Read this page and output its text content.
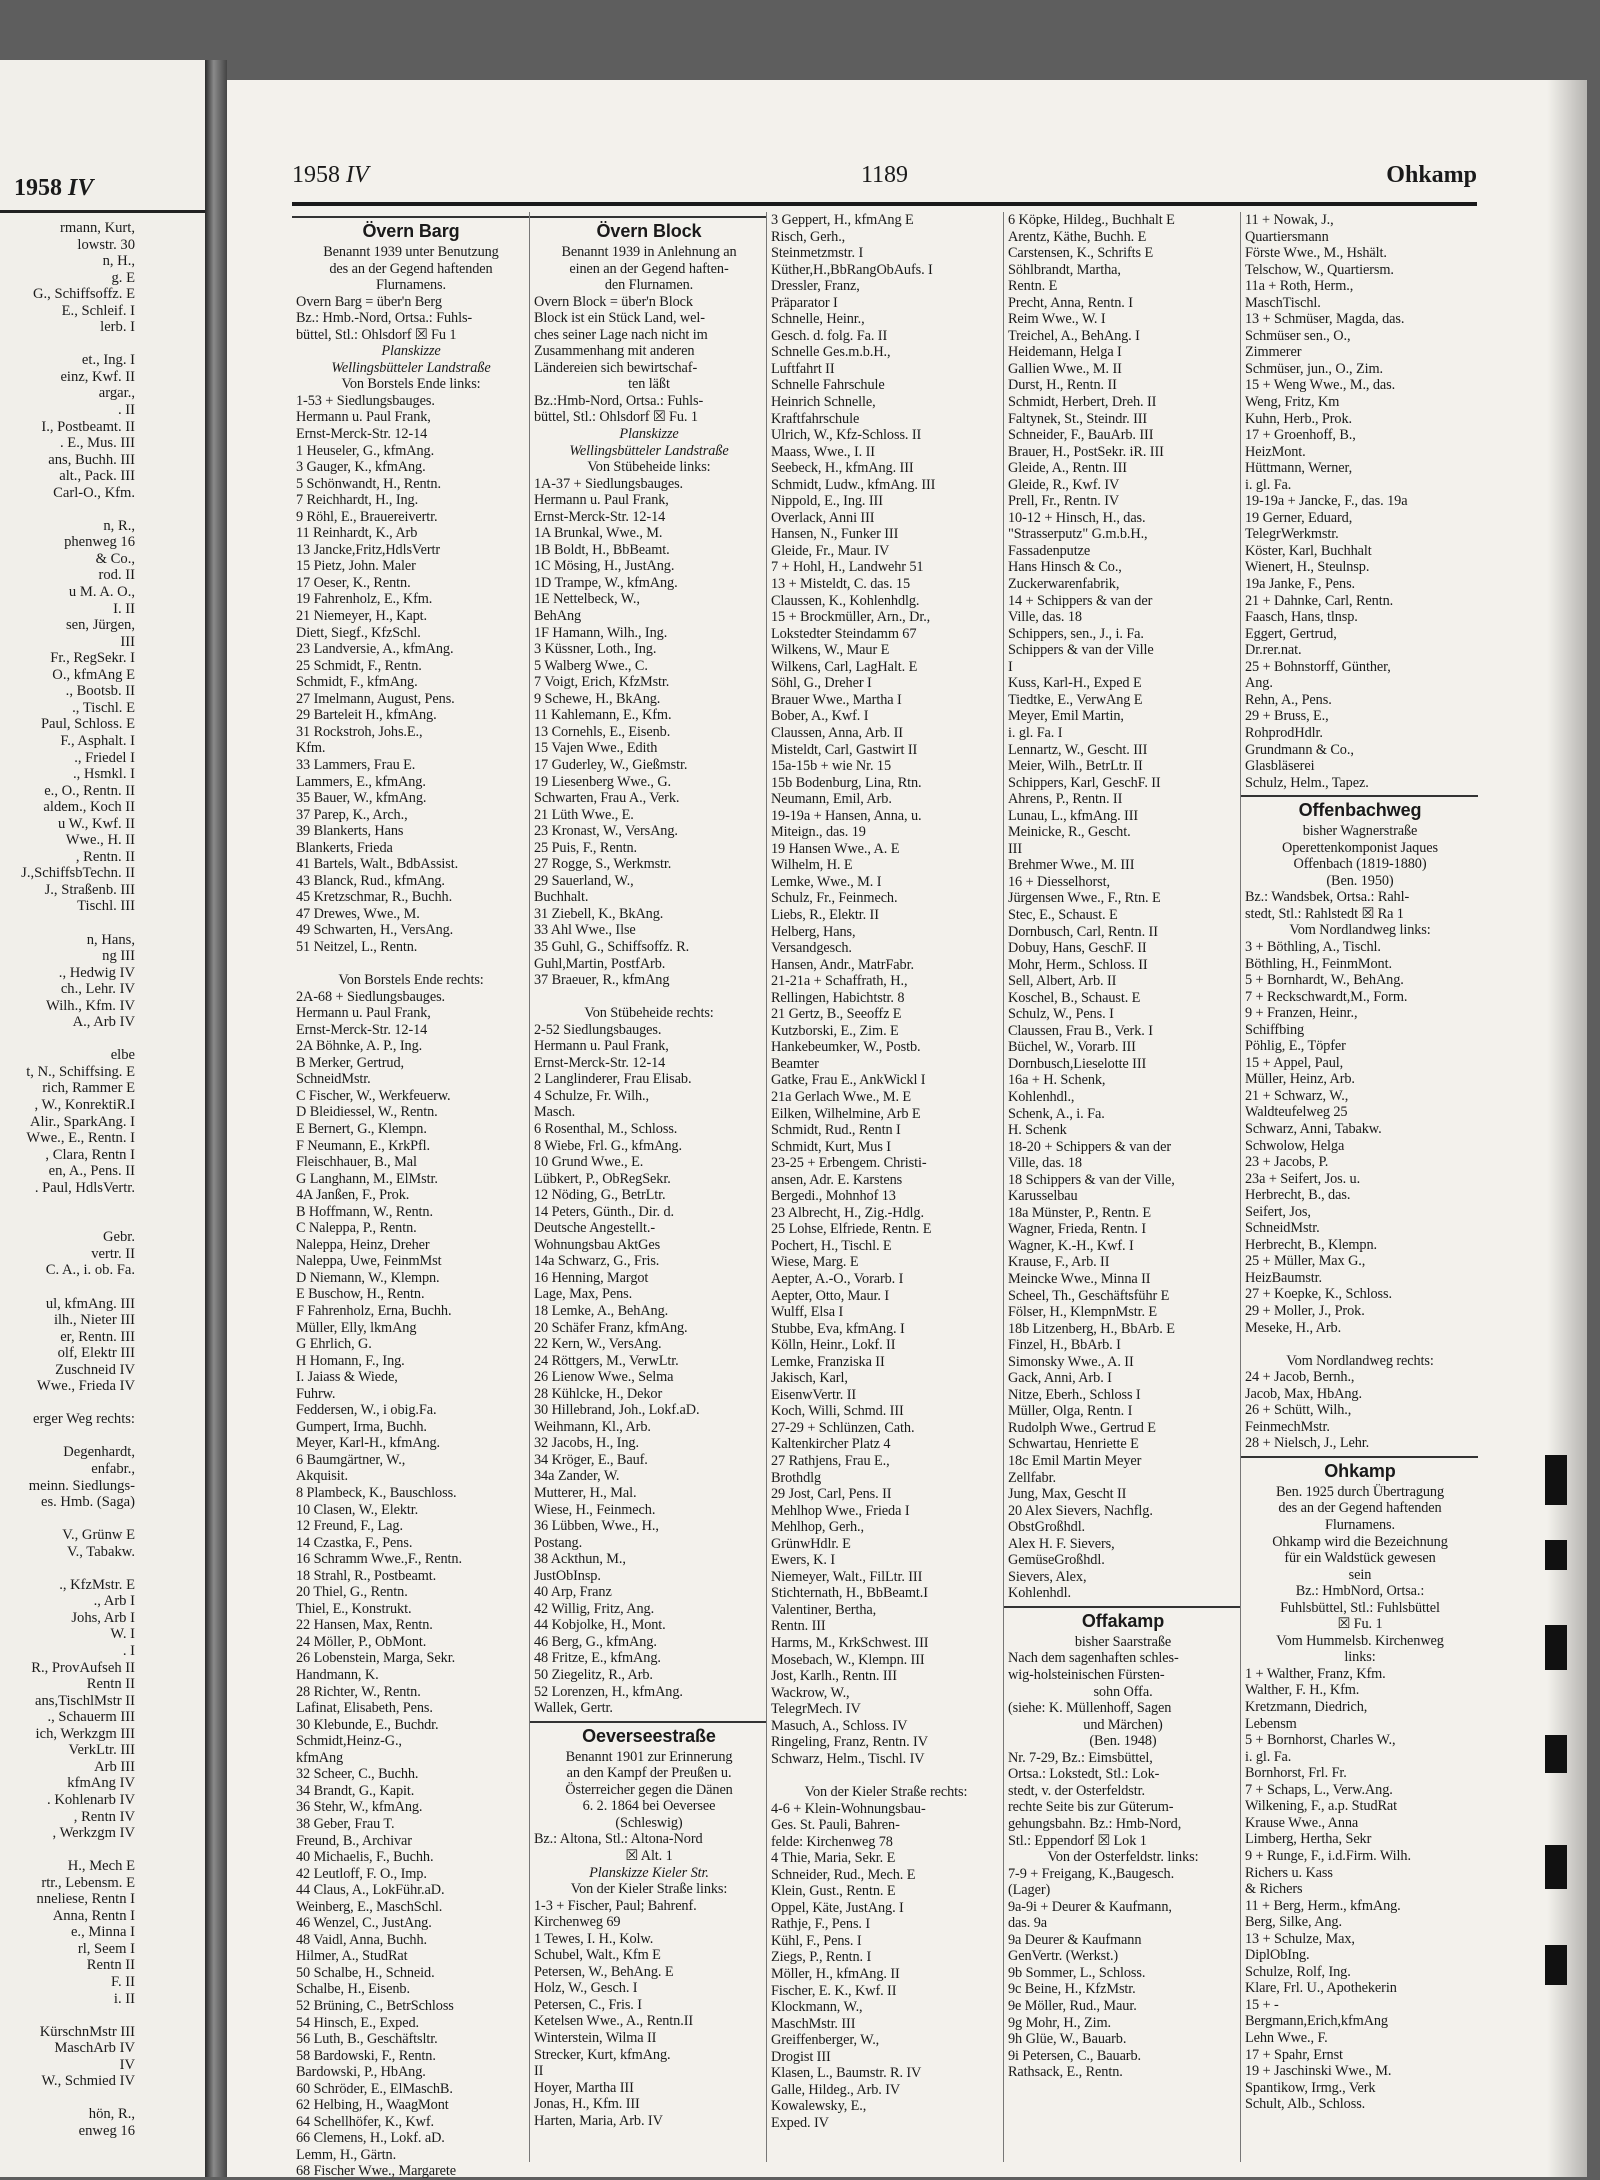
1958 IV
rmann, Kurt,
lowstr. 30
n, H.,
g. E
G., Schiffsoffz. E
E., Schleif. I
lerb. I
et., Ing. I
einz, Kwf. II
argar.,
. II
I., Postbeamt. II
. E., Mus. III
ans, Buchh. III
alt., Pack. III
Carl-O., Kfm.
n, R.,
phenweg 16
& Co.,
rod. II
u M. A. O.,
I. II
sen, Jürgen,
III
Fr., RegSekr. I
O., kfmAng E
., Bootsb. II
., Tischl. E
Paul, Schloss. E
F., Asphalt. I
., Friedel I
., Hsmkl. I
e., O., Rentn. II
aldem., Koch II
u W., Kwf. II
Wwe., H. II
, Rentn. II
J.,SchiffsbTechn. II
J., Straßenb. III
Tischl. III
n, Hans,
ng III
., Hedwig IV
ch., Lehr. IV
Wilh., Kfm. IV
A., Arb IV
elbe
t, N., Schiffsing. E
rich, Rammer E
, W., KonrektiR.I
Alir., SparkAng. I
Wwe., E., Rentn. I
, Clara, Rentn I
en, A., Pens. II
. Paul, HdlsVertr.
Gebr.
vertr. II
C. A., i. ob. Fa.
ul, kfmAng. III
ilh., Nieter III
er, Rentn. III
olf, Elektr III
Zuschneid IV
Wwe., Frieda IV
erger Weg rechts:
Degenhardt,
enfabr.,
meinn. Siedlungs-
es. Hmb. (Saga)
V., Grünw E
V., Tabakw.
., KfzMstr. E
., Arb I
Johs, Arb I
W. I
. I
R., ProvAufseh II
Rentn II
ans,TischlMstr II
., Schauerm III
ich, Werkzgm III
VerkLtr. III
Arb III
kfmAng IV
. Kohlenarb IV
, Rentn IV
, Werkzgm IV
H., Mech E
rtr., Lebensm. E
nneliese, Rentn I
Anna, Rentn I
e., Minna I
rl, Seem I
Rentn II
F. II
i. II
KürschnMstr III
MaschArb IV
IV
W., Schmied IV
hön, R.,
enweg 16
1958 IV	1189	Ohkamp
Övern Barg
Benannt 1939 unter Benutzung
des an der Gegend haftenden
Flurnamens.
Overn Barg = über'n Berg
Bz.: Hmb.-Nord, Ortsa.: Fuhls-
büttel, Stl.: Ohlsdorf ☒ Fu 1
Planskizze
Wellingsbütteler Landstraße
Von Borstels Ende links:
1-53 + Siedlungsbauges.
Hermann u. Paul Frank,
Ernst-Merck-Str. 12-14
1 Heuseler, G., kfmAng.
3 Gauger, K., kfmAng.
5 Schönwandt, H., Rentn.
7 Reichhardt, H., Ing.
9 Röhl, E., Brauereivertr.
11 Reinhardt, K., Arb
13 Jancke,Fritz,HdlsVertr
15 Pietz, John. Maler
17 Oeser, K., Rentn.
19 Fahrenholz, E., Kfm.
21 Niemeyer, H., Kapt.
Diett, Siegf., KfzSchl.
23 Landversie, A., kfmAng.
25 Schmidt, F., Rentn.
Schmidt, F., kfmAng.
27 Imelmann, August, Pens.
29 Barteleit H., kfmAng.
31 Rockstroh, Johs.E.,
Kfm.
33 Lammers, Frau E.
Lammers, E., kfmAng.
35 Bauer, W., kfmAng.
37 Parep, K., Arch.,
39 Blankerts, Hans
Blankerts, Frieda
41 Bartels, Walt., BdbAssist.
43 Blanck, Rud., kfmAng.
45 Kretzschmar, R., Buchh.
47 Drewes, Wwe., M.
49 Schwarten, H., VersAng.
51 Neitzel, L., Rentn.
Von Borstels Ende rechts:
2A-68 + Siedlungsbauges.
Hermann u. Paul Frank,
Ernst-Merck-Str. 12-14
2A Böhnke, A. P., Ing.
B Merker, Gertrud,
SchneidMstr.
C Fischer, W., Werkfeuerw.
D Bleidiessel, W., Rentn.
E Bernert, G., Klempn.
F Neumann, E., KrkPfl.
Fleischhauer, B., Mal
G Langhann, M., ElMstr.
4A Janßen, F., Prok.
B Hoffmann, W., Rentn.
C Naleppa, P., Rentn.
Naleppa, Heinz, Dreher
Naleppa, Uwe, FeinmMst
D Niemann, W., Klempn.
E Buschow, H., Rentn.
F Fahrenholz, Erna, Buchh.
Müller, Elly, lkmAng
G Ehrlich, G.
H Homann, F., Ing.
I. Jaiass & Wiede,
Fuhrw.
Feddersen, W., i obig.Fa.
Gumpert, Irma, Buchh.
Meyer, Karl-H., kfmAng.
6 Baumgärtner, W.,
Akquisit.
8 Plambeck, K., Bauschloss.
10 Clasen, W., Elektr.
12 Freund, F., Lag.
14 Czastka, F., Pens.
16 Schramm Wwe.,F., Rentn.
18 Strahl, R., Postbeamt.
20 Thiel, G., Rentn.
Thiel, E., Konstrukt.
22 Hansen, Max, Rentn.
24 Möller, P., ObMont.
26 Lobenstein, Marga, Sekr.
Handmann, K.
28 Richter, W., Rentn.
Lafinat, Elisabeth, Pens.
30 Klebunde, E., Buchdr.
Schmidt,Heinz-G.,
kfmAng
32 Scheer, C., Buchh.
34 Brandt, G., Kapit.
36 Stehr, W., kfmAng.
38 Geber, Frau T.
Freund, B., Archivar
40 Michaelis, F., Buchh.
42 Leutloff, F. O., Imp.
44 Claus, A., LokFühr.aD.
Weinberg, E., MaschSchl.
46 Wenzel, C., JustAng.
48 Vaidl, Anna, Buchh.
Hilmer, A., StudRat
50 Schalbe, H., Schneid.
Schalbe, H., Eisenb.
52 Brüning, C., BetrSchloss
54 Hinsch, E., Exped.
56 Luth, B., Geschäftsltr.
58 Bardowski, F., Rentn.
Bardowski, P., HbAng.
60 Schröder, E., ElMaschB.
62 Helbing, H., WaagMont
64 Schellhöfer, K., Kwf.
66 Clemens, H., Lokf. aD.
Lemm, H., Gärtn.
68 Fischer Wwe., Margarete
Övern Block
Benannt 1939 in Anlehnung an
einen an der Gegend haften-
den Flurnamen.
Overn Block = über'n Block
Block ist ein Stück Land, wel-
ches seiner Lage nach nicht im
Zusammenhang mit anderen
Ländereien sich bewirtschaf-
ten läßt
Bz.:Hmb-Nord, Ortsa.: Fuhls-
büttel, Stl.: Ohlsdorf ☒ Fu. 1
Planskizze
Wellingsbütteler Landstraße
Von Stübeheide links:
1A-37 + Siedlungsbauges.
Hermann u. Paul Frank,
Ernst-Merck-Str. 12-14
1A Brunkal, Wwe., M.
1B Boldt, H., BbBeamt.
1C Mösing, H., JustAng.
1D Trampe, W., kfmAng.
1E Nettelbeck, W.,
BehAng
1F Hamann, Wilh., Ing.
3 Küssner, Loth., Ing.
5 Walberg Wwe., C.
7 Voigt, Erich, KfzMstr.
9 Schewe, H., BkAng.
11 Kahlemann, E., Kfm.
13 Cornehls, E., Eisenb.
15 Vajen Wwe., Edith
17 Guderley, W., Gießmstr.
19 Liesenberg Wwe., G.
Schwarten, Frau A., Verk.
21 Lüth Wwe., E.
23 Kronast, W., VersAng.
25 Puis, F., Rentn.
27 Rogge, S., Werkmstr.
29 Sauerland, W.,
Buchhalt.
31 Ziebell, K., BkAng.
33 Ahl Wwe., Ilse
35 Guhl, G., Schiffsoffz. R.
Guhl,Martin, PostfArb.
37 Braeuer, R., kfmAng
Von Stübeheide rechts:
2-52 Siedlungsbauges.
Hermann u. Paul Frank,
Ernst-Merck-Str. 12-14
2 Langlinderer, Frau Elisab.
4 Schulze, Fr. Wilh.,
Masch.
6 Rosenthal, M., Schloss.
8 Wiebe, Frl. G., kfmAng.
10 Grund Wwe., E.
Lübkert, P., ObRegSekr.
12 Nöding, G., BetrLtr.
14 Peters, Günth., Dir. d.
Deutsche Angestellt.-
Wohnungsbau AktGes
14a Schwarz, G., Fris.
16 Henning, Margot
Lage, Max, Pens.
18 Lemke, A., BehAng.
20 Schäfer Franz, kfmAng.
22 Kern, W., VersAng.
24 Röttgers, M., VerwLtr.
26 Lienow Wwe., Selma
28 Kühlcke, H., Dekor
30 Hillebrand, Joh., Lokf.aD.
Weihmann, Kl., Arb.
32 Jacobs, H., Ing.
34 Kröger, E., Bauf.
34a Zander, W.
Mutterer, H., Mal.
Wiese, H., Feinmech.
36 Lübben, Wwe., H.,
Postang.
38 Ackthun, M.,
JustObInsp.
40 Arp, Franz
42 Willig, Fritz, Ang.
44 Kobjolke, H., Mont.
46 Berg, G., kfmAng.
48 Fritze, E., kfmAng.
50 Ziegelitz, R., Arb.
52 Lorenzen, H., kfmAng.
Wallek, Gertr.
Oeverseestraße
Benannt 1901 zur Erinnerung
an den Kampf der Preußen u.
Österreicher gegen die Dänen
6. 2. 1864 bei Oeversee
(Schleswig)
Bz.: Altona, Stl.: Altona-Nord
☒ Alt. 1
Planskizze Kieler Str.
Von der Kieler Straße links:
1-3 + Fischer, Paul; Bahrenf.
Kirchenweg 69
1 Tewes, I. H., Kolw.
Schubel, Walt., Kfm E
Petersen, W., BehAng. E
Holz, W., Gesch. I
Petersen, C., Fris. I
Ketelsen Wwe., A., Rentn.II
Winterstein, Wilma II
Strecker, Kurt, kfmAng.
II
Hoyer, Martha III
Jonas, H., Kfm. III
Harten, Maria, Arb. IV
3 Geppert, H., kfmAng E
Risch, Gerh.,
Steinmetzmstr. I
Küther,H.,BbRangObAufs. I
Dressler, Franz,
Präparator I
Schnelle, Heinr.,
Gesch. d. folg. Fa. II
Schnelle Ges.m.b.H.,
Luftfahrt II
Schnelle Fahrschule
Heinrich Schnelle,
Kraftfahrschule
Ulrich, W., Kfz-Schloss. II
Maass, Wwe., I. II
Seebeck, H., kfmAng. III
Schmidt, Ludw., kfmAng. III
Nippold, E., Ing. III
Overlack, Anni III
Hansen, N., Funker III
Gleide, Fr., Maur. IV
7 + Hohl, H., Landwehr 51
13 + Misteldt, C. das. 15
Claussen, K., Kohlenhdlg.
15 + Brockmüller, Arn., Dr.,
Lokstedter Steindamm 67
Wilkens, W., Maur E
Wilkens, Carl, LagHalt. E
Söhl, G., Dreher I
Brauer Wwe., Martha I
Bober, A., Kwf. I
Claussen, Anna, Arb. II
Misteldt, Carl, Gastwirt II
15a-15b + wie Nr. 15
15b Bodenburg, Lina, Rtn.
Neumann, Emil, Arb.
19-19a + Hansen, Anna, u.
Miteign., das. 19
19 Hansen Wwe., A. E
Wilhelm, H. E
Lemke, Wwe., M. I
Schulz, Fr., Feinmech.
Liebs, R., Elektr. II
Helberg, Hans,
Versandgesch.
Hansen, Andr., MatrFabr.
21-21a + Schaffrath, H.,
Rellingen, Habichtstr. 8
21 Gertz, B., Seeoffz E
Kutzborski, E., Zim. E
Hankebeumker, W., Postb.
Beamter
Gatke, Frau E., AnkWickl I
21a Gerlach Wwe., M. E
Eilken, Wilhelmine, Arb E
Schmidt, Rud., Rentn I
Schmidt, Kurt, Mus I
23-25 + Erbengem. Christi-
ansen, Adr. E. Karstens
Bergedi., Mohnhof 13
23 Albrecht, H., Zig.-Hdlg.
25 Lohse, Elfriede, Rentn. E
Pochert, H., Tischl. E
Wiese, Marg. E
Aepter, A.-O., Vorarb. I
Aepter, Otto, Maur. I
Wulff, Elsa I
Stubbe, Eva, kfmAng. I
Kölln, Heinr., Lokf. II
Lemke, Franziska II
Jakisch, Karl,
EisenwVertr. II
Koch, Willi, Schmd. III
27-29 + Schlünzen, Cath.
Kaltenkircher Platz 4
27 Rathjens, Frau E.,
Brothdlg
29 Jost, Carl, Pens. II
Mehlhop Wwe., Frieda I
Mehlhop, Gerh.,
GrünwHdlr. E
Ewers, K. I
Niemeyer, Walt., FilLtr. III
Stichternath, H., BbBeamt.I
Valentiner, Bertha,
Rentn. III
Harms, M., KrkSchwest. III
Mosebach, W., Klempn. III
Jost, Karlh., Rentn. III
Wackrow, W.,
TelegrMech. IV
Masuch, A., Schloss. IV
Ringeling, Franz, Rentn. IV
Schwarz, Helm., Tischl. IV
Von der Kieler Straße rechts:
4-6 + Klein-Wohnungsbau-
Ges. St. Pauli, Bahren-
felde: Kirchenweg 78
4 Thie, Maria, Sekr. E
Schneider, Rud., Mech. E
Klein, Gust., Rentn. E
Oppel, Käte, JustAng. I
Rathje, F., Pens. I
Kühl, F., Pens. I
Ziegs, P., Rentn. I
Möller, H., kfmAng. II
Fischer, E. K., Kwf. II
Klockmann, W.,
MaschMstr. III
Greiffenberger, W.,
Drogist III
Klasen, L., Baumstr. R. IV
Galle, Hildeg., Arb. IV
Kowalewsky, E.,
Exped. IV
6 Köpke, Hildeg., Buchhalt E
Arentz, Käthe, Buchh. E
Carstensen, K., Schrifts E
Söhlbrandt, Martha,
Rentn. E
Precht, Anna, Rentn. I
Reim Wwe., W. I
Treichel, A., BehAng. I
Heidemann, Helga I
Gallien Wwe., M. II
Durst, H., Rentn. II
Schmidt, Herbert, Dreh. II
Faltynek, St., Steindr. III
Schneider, F., BauArb. III
Brauer, H., PostSekr. iR. III
Gleide, A., Rentn. III
Gleide, R., Kwf. IV
Prell, Fr., Rentn. IV
10-12 + Hinsch, H., das.
"Strasserputz" G.m.b.H.,
Fassadenputze
Hans Hinsch & Co.,
Zuckerwarenfabrik,
14 + Schippers & van der
Ville, das. 18
Schippers, sen., J., i. Fa.
Schippers & van der Ville
I
Kuss, Karl-H., Exped E
Tiedtke, E., VerwAng E
Meyer, Emil Martin,
i. gl. Fa. I
Lennartz, W., Gescht. III
Meier, Wilh., BetrLtr. II
Schippers, Karl, GeschF. II
Ahrens, P., Rentn. II
Lunau, L., kfmAng. III
Meinicke, R., Gescht.
III
Brehmer Wwe., M. III
16 + Diesselhorst,
Jürgensen Wwe., F., Rtn. E
Stec, E., Schaust. E
Dornbusch, Carl, Rentn. II
Dobuy, Hans, GeschF. II
Mohr, Herm., Schloss. II
Sell, Albert, Arb. II
Koschel, B., Schaust. E
Schulz, W., Pens. I
Claussen, Frau B., Verk. I
Büchel, W., Vorarb. III
Dornbusch,Lieselotte III
16a + H. Schenk,
Kohlenhdl.,
Schenk, A., i. Fa.
H. Schenk
18-20 + Schippers & van der
Ville, das. 18
18 Schippers & van der Ville,
Karusselbau
18a Münster, P., Rentn. E
Wagner, Frieda, Rentn. I
Wagner, K.-H., Kwf. I
Krause, F., Arb. II
Meincke Wwe., Minna II
Scheel, Th., Geschäftsführ E
Fölser, H., KlempnMstr. E
18b Litzenberg, H., BbArb. E
Finzel, H., BbArb. I
Simonsky Wwe., A. II
Gack, Anni, Arb. I
Nitze, Eberh., Schloss I
Müller, Olga, Rentn. I
Rudolph Wwe., Gertrud E
Schwartau, Henriette E
18c Emil Martin Meyer
Zellfabr.
Jung, Max, Gescht II
20 Alex Sievers, Nachflg.
ObstGroßhdl.
Alex H. F. Sievers,
GemüseGroßhdl.
Sievers, Alex,
Kohlenhdl.
Offakamp
bisher Saarstraße
Nach dem sagenhaften schles-
wig-holsteinischen Fürsten-
sohn Offa.
(siehe: K. Müllenhoff, Sagen
und Märchen)
(Ben. 1948)
Nr. 7-29, Bz.: Eimsbüttel,
Ortsa.: Lokstedt, Stl.: Lok-
stedt, v. der Osterfeldstr.
rechte Seite bis zur Güterum-
gehungsbahn. Bz.: Hmb-Nord,
Stl.: Eppendorf ☒ Lok 1
Von der Osterfeldstr. links:
7-9 + Freigang, K.,Baugesch.
(Lager)
9a-9i + Deurer & Kaufmann,
das. 9a
9a Deurer & Kaufmann
GenVertr. (Werkst.)
9b Sommer, L., Schloss.
9c Beine, H., KfzMstr.
9e Möller, Rud., Maur.
9g Mohr, H., Zim.
9h Glüe, W., Bauarb.
9i Petersen, C., Bauarb.
Rathsack, E., Rentn.
11 + Nowak, J.,
Quartiersmann
Förste Wwe., M., Hshält.
Telschow, W., Quartiersm.
11a + Roth, Herm.,
MaschTischl.
13 + Schmüser, Magda, das.
Schmüser sen., O.,
Zimmerer
Schmüser, jun., O., Zim.
15 + Weng Wwe., M., das.
Weng, Fritz, Km
Kuhn, Herb., Prok.
17 + Groenhoff, B.,
HeizMont.
Hüttmann, Werner,
i. gl. Fa.
19-19a + Jancke, F., das. 19a
19 Gerner, Eduard,
TelegrWerkmstr.
Köster, Karl, Buchhalt
Wienert, H., Steulnsp.
19a Janke, F., Pens.
21 + Dahnke, Carl, Rentn.
Faasch, Hans, tlnsp.
Eggert, Gertrud,
Dr.rer.nat.
25 + Bohnstorff, Günther,
Ang.
Rehn, A., Pens.
29 + Bruss, E.,
RohprodHdlr.
Grundmann & Co.,
Glasbläserei
Schulz, Helm., Tapez.
Offenbachweg
bisher Wagnerstraße
Operettenkomponist Jaques
Offenbach (1819-1880)
(Ben. 1950)
Bz.: Wandsbek, Ortsa.: Rahl-
stedt, Stl.: Rahlstedt ☒ Ra 1
Vom Nordlandweg links:
3 + Böthling, A., Tischl.
Böthling, H., FeinmMont.
5 + Bornhardt, W., BehAng.
7 + Reckschwardt,M., Form.
9 + Franzen, Heinr.,
Schiffbing
Pöhlig, E., Töpfer
15 + Appel, Paul,
Müller, Heinz, Arb.
21 + Schwarz, W.,
Waldteufelweg 25
Schwarz, Anni, Tabakw.
Schwolow, Helga
23 + Jacobs, P.
23a + Seifert, Jos. u.
Herbrecht, B., das.
Seifert, Jos,
SchneidMstr.
Herbrecht, B., Klempn.
25 + Müller, Max G.,
HeizBaumstr.
27 + Koepke, K., Schloss.
29 + Moller, J., Prok.
Meseke, H., Arb.
Vom Nordlandweg rechts:
24 + Jacob, Bernh.,
Jacob, Max, HbAng.
26 + Schütt, Wilh.,
FeinmechMstr.
28 + Nielsch, J., Lehr.
Ohkamp
Ben. 1925 durch Übertragung
des an der Gegend haftenden
Flurnamens.
Ohkamp wird die Bezeichnung
für ein Waldstück gewesen
sein
Bz.: HmbNord, Ortsa.:
Fuhlsbüttel, Stl.: Fuhlsbüttel
☒ Fu. 1
Vom Hummelsb. Kirchenweg
links:
1 + Walther, Franz, Kfm.
Walther, F. H., Kfm.
Kretzmann, Diedrich,
Lebensm
5 + Bornhorst, Charles W.,
i. gl. Fa.
Bornhorst, Frl. Fr.
7 + Schaps, L., Verw.Ang.
Wilkening, F., a.p. StudRat
Krause Wwe., Anna
Limberg, Hertha, Sekr
9 + Runge, F., i.d.Firm. Wilh.
Richers u. Kass
& Richers
11 + Berg, Herm., kfmAng.
Berg, Silke, Ang.
13 + Schulze, Max,
DiplObIng.
Schulze, Rolf, Ing.
Klare, Frl. U., Apothekerin
15 + -
Bergmann,Erich,kfmAng
Lehn Wwe., F.
17 + Spahr, Ernst
19 + Jaschinski Wwe., M.
Spantikow, Irmg., Verk
Schult, Alb., Schloss.
